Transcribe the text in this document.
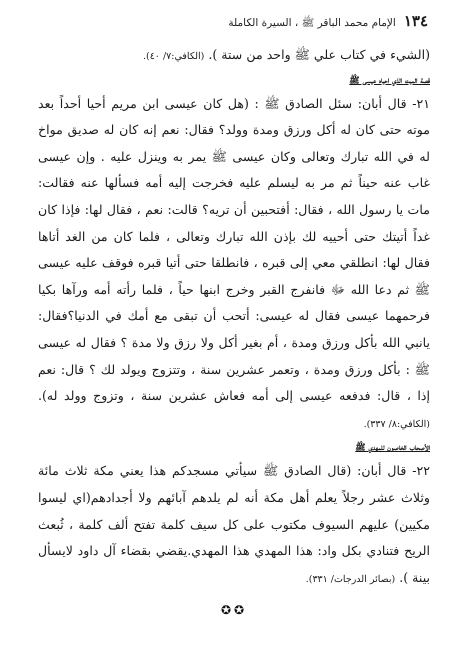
١٣٤
الإمام محمد الباقر ﷺ ، السيرة الكاملة

(الشيء في كتاب علي ﷺ واحد من ستة ). (الكافي:٧/ ٤٠).

قصة الميت الذي احياه عيسى ﷺ

٢١- قال أبان: سئل الصادق ﷺ : (هل كان عيسى ابن مريم أحيا أحداً بعد موته حتى كان له أكل ورزق ومدة وولد؟ فقال: نعم إنه كان له صديق مواخ له في الله تبارك وتعالى وكان عيسى ﷺ يمر به وينزل عليه . وإن عيسى غاب عنه حيناً ثم مر به ليسلم عليه فخرجت إليه أمه فسألها عنه فقالت: مات يا رسول الله ، فقال: أفتحبين أن تريه؟ قالت: نعم ، فقال لها: فإذا كان غداً أتيتك حتى أحييه لك بإذن الله تبارك وتعالى ، فلما كان من الغد أتاها فقال لها: انطلقي معي إلى قبره ، فانطلقا حتى أتيا قبره فوقف عليه عيسى ﷺ ثم دعا الله ﷻ فانفرج القبر وخرج ابنها حياً ، فلما رأته أمه ورآها بكيا فرحمهما عيسى فقال له عيسى: أتحب أن تبقى مع أمك في الدنيا؟فقال: يانبي الله بأكل ورزق ومدة ، أم بغير أكل ولا رزق ولا مدة ؟ فقال له عيسى ﷺ : بأكل ورزق ومدة ، وتعمر عشرين سنة ، وتتزوج ويولد لك ؟ قال: نعم إذا ، قال: فدفعه عيسى إلى أمه فعاش عشرين سنة ، وتزوج وولد له). (الكافي:٨/ ٣٣٧).

الأصحاب الخاصون للمهدي ﷺ

٢٢- قال أبان: (قال الصادق ﷺ سيأتي مسجدكم هذا يعني مكة ثلاث مائة وثلاث عشر رجلاً يعلم أهل مكة أنه لم يلدهم آبائهم ولا أجدادهم(اي ليسوا مكيين) عليهم السيوف مكتوب على كل سيف كلمة تفتح ألف كلمة ، ثُبعث الريح فتنادي بكل واد: هذا المهدي هذا المهدي.يقضي بقضاء آل داود لايسأل بينة ). (بصائر الدرجات/ ٣٣١).

✪✪
